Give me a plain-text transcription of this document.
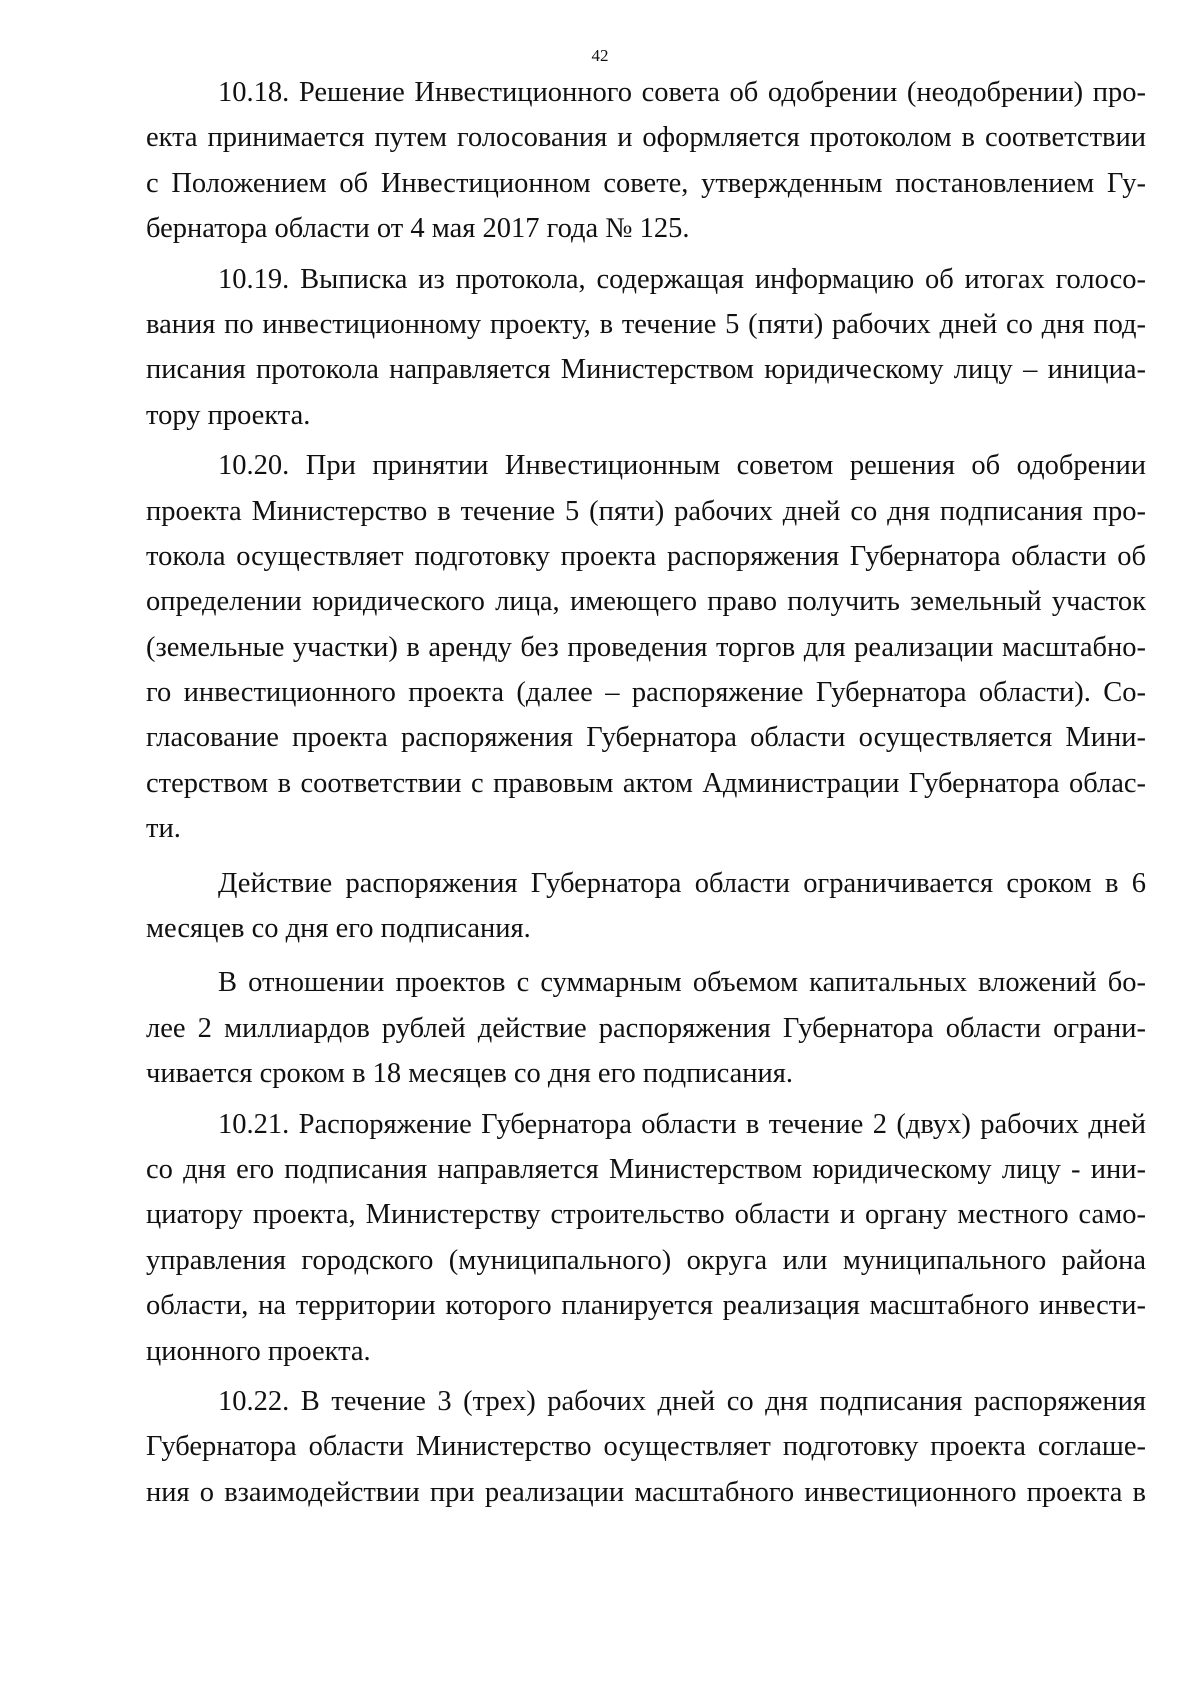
42
10.18. Решение Инвестиционного совета об одобрении (неодобрении) про-
екта принимается путем голосования и оформляется протоколом в соответствии
с Положением об Инвестиционном совете, утвержденным постановлением Гу-
бернатора области от 4 мая 2017 года № 125.
10.19. Выписка из протокола, содержащая информацию об итогах голосо-
вания по инвестиционному проекту, в течение 5 (пяти) рабочих дней со дня под-
писания протокола направляется Министерством юридическому лицу – инициа-
тору проекта.
10.20. При принятии Инвестиционным советом решения об одобрении
проекта Министерство в течение 5 (пяти) рабочих дней со дня подписания про-
токола осуществляет подготовку проекта распоряжения Губернатора области об
определении юридического лица, имеющего право получить земельный участок
(земельные участки) в аренду без проведения торгов для реализации масштабно-
го инвестиционного проекта (далее – распоряжение Губернатора области). Со-
гласование проекта распоряжения Губернатора области осуществляется Мини-
стерством в соответствии с правовым актом Администрации Губернатора облас-
ти.
Действие распоряжения Губернатора области ограничивается сроком в 6
месяцев со дня его подписания.
В отношении проектов с суммарным объемом капитальных вложений бо-
лее 2 миллиардов рублей действие распоряжения Губернатора области ограни-
чивается сроком в 18 месяцев со дня его подписания.
10.21. Распоряжение Губернатора области в течение 2 (двух) рабочих дней
со дня его подписания направляется Министерством юридическому лицу - ини-
циатору проекта, Министерству строительство области и органу местного само-
управления городского (муниципального) округа или муниципального района
области, на территории которого планируется реализация масштабного инвести-
ционного проекта.
10.22. В течение 3 (трех) рабочих дней со дня подписания распоряжения
Губернатора области Министерство осуществляет подготовку проекта соглаше-
ния о взаимодействии при реализации масштабного инвестиционного проекта в
